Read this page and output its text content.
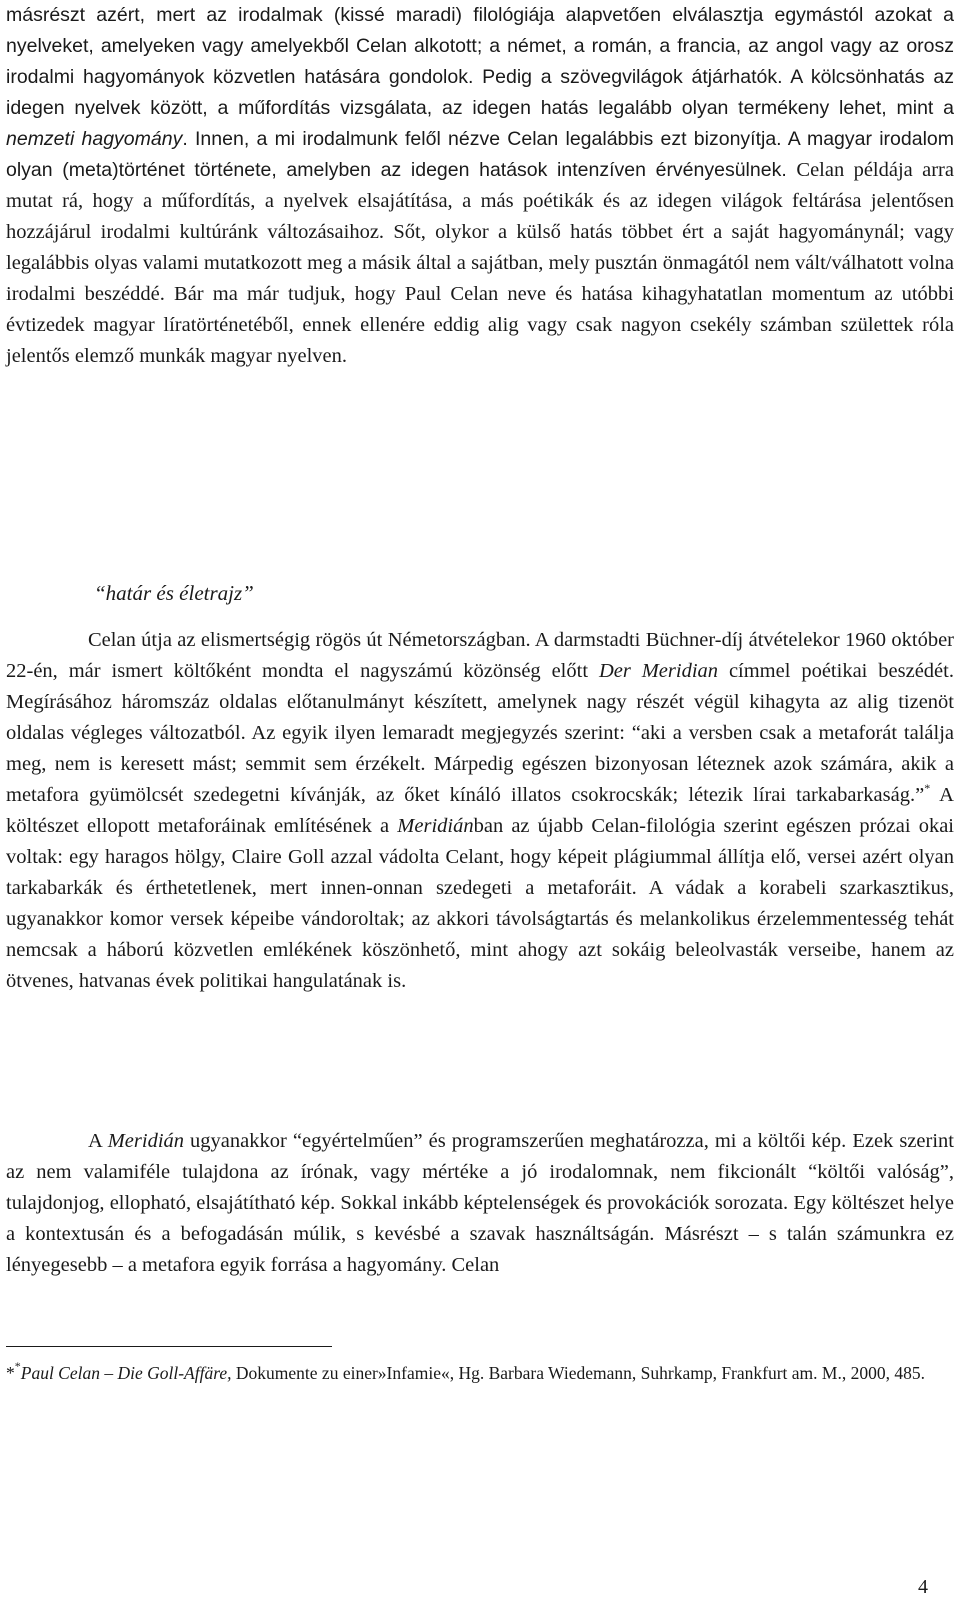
másrészt azért, mert az irodalmak (kissé maradi) filológiája alapvetően elválasztja egymástól azokat a nyelveket, amelyeken vagy amelyekből Celan alkotott; a német, a román, a francia, az angol vagy az orosz irodalmi hagyományok közvetlen hatására gondolok. Pedig a szövegvilágok átjárhatók. A kölcsönhatás az idegen nyelvek között, a műfordítás vizsgálata, az idegen hatás legalább olyan termékeny lehet, mint a nemzeti hagyomány. Innen, a mi irodalmunk felől nézve Celan legalábbis ezt bizonyítja. A magyar irodalom olyan (meta)történet története, amelyben az idegen hatások intenzíven érvényesülnek. Celan példája arra mutat rá, hogy a műfordítás, a nyelvek elsajátítása, a más poétikák és az idegen világok feltárása jelentősen hozzájárul irodalmi kultúránk változásaihoz. Sőt, olykor a külső hatás többet ért a saját hagyománynál; vagy legalábbis olyas valami mutatkozott meg a másik által a sajátban, mely pusztán önmagától nem vált/válhatott volna irodalmi beszéddé. Bár ma már tudjuk, hogy Paul Celan neve és hatása kihagyhatatlan momentum az utóbbi évtizedek magyar líratörténetéből, ennek ellenére eddig alig vagy csak nagyon csekély számban születtek róla jelentős elemző munkák magyar nyelven.

“határ és életrajz”

Celan útja az elismertségig rögös út Németországban. A darmstadti Büchner-díj átvételekor 1960 október 22-én, már ismert költőként mondta el nagyszámú közönség előtt Der Meridian címmel poétikai beszédét. Megírásához háromszáz oldalas előtanulmányt készített, amelynek nagy részét végül kihagyta az alig tizenöt oldalas végleges változatból. Az egyik ilyen lemaradt megjegyzés szerint: “aki a versben csak a metaforát találja meg, nem is keresett mást; semmit sem érzékelt. Márpedig egészen bizonyosan léteznek azok számára, akik a metafora gyümölcsét szedegetni kívánják, az őket kínáló illatos csokrocskák; létezik lírai tarkabarkaság.”* A költészet ellopott metaforáinak említésének a Meridiánban az újabb Celan-filológia szerint egészen prózai okai voltak: egy haragos hölgy, Claire Goll azzal vádolta Celant, hogy képeit plágiummal állítja elő, versei azért olyan tarkabarkák és érthetetlenek, mert innen-onnan szedegeti a metaforáit. A vádak a korabeli szarkasztikus, ugyanakkor komor versek képeibe vándoroltak; az akkori távolságtartás és melankolikus érzelemmentesség tehát nemcsak a háború közvetlen emlékének köszönhető, mint ahogy azt sokáig beleolvasták verseibe, hanem az ötvenes, hatvanas évek politikai hangulatának is.

A Meridián ugyanakkor “egyértelműen” és programszerűen meghatározza, mi a költői kép. Ezek szerint az nem valamiféle tulajdona az írónak, vagy mértéke a jó irodalomnak, nem fikcionált “költői valóság”, tulajdonjog, ellopható, elsajátítható kép. Sokkal inkább képtelenségek és provokációk sorozata. Egy költészet helye a kontextusán és a befogadásán múlik, s kevésbé a szavak használtságán. Másrészt – s talán számunkra ez lényegesebb – a metafora egyik forrása a hagyomány. Celan

**Paul Celan – Die Goll-Affäre, Dokumente zu einer»Infamie«, Hg. Barbara Wiedemann, Suhrkamp, Frankfurt am. M., 2000, 485.

4
